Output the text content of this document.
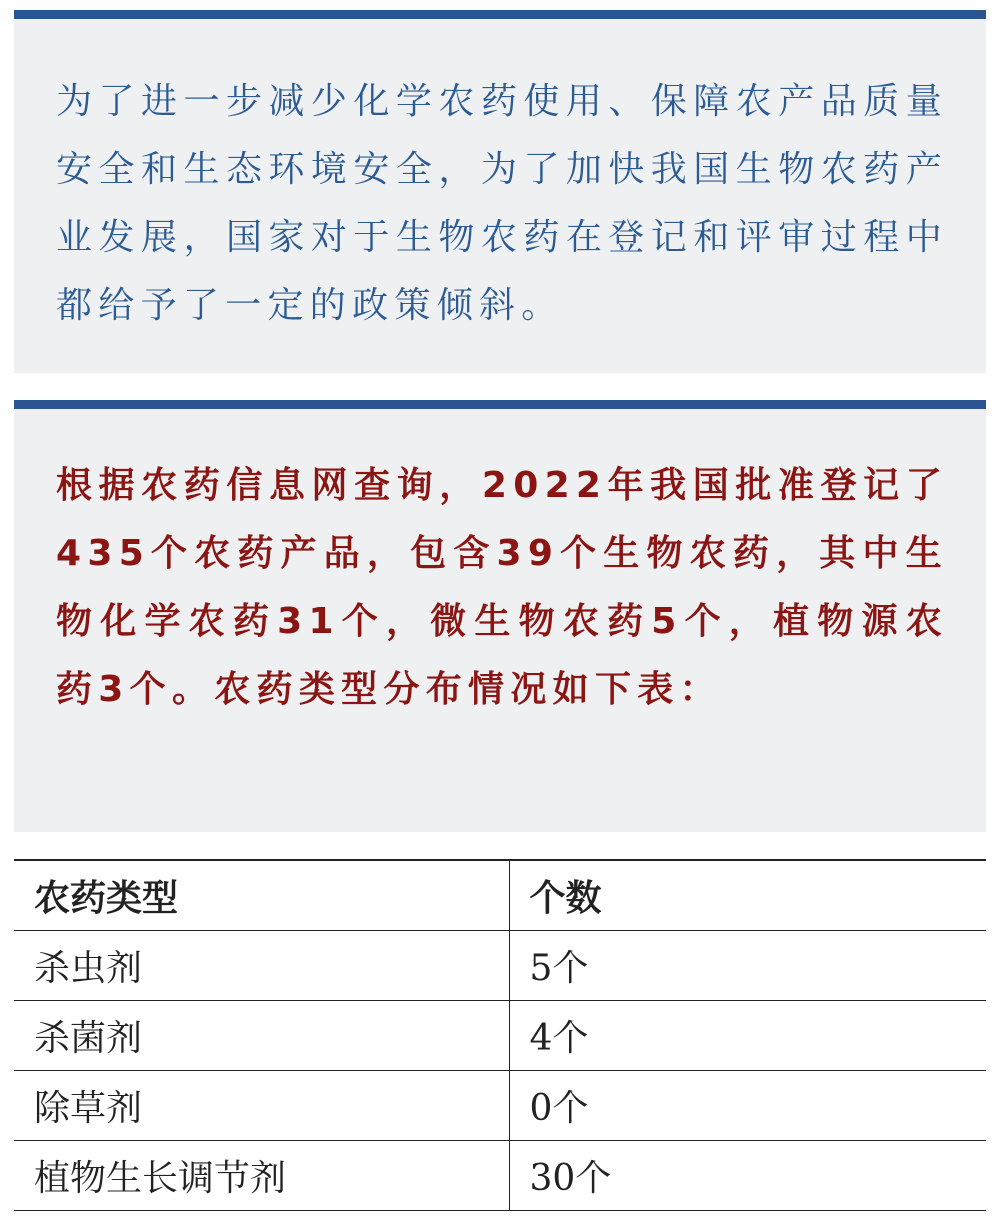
为了进一步减少化学农药使用、保障农产品质量安全和生态环境安全，为了加快我国生物农药产业发展，国家对于生物农药在登记和评审过程中都给予了一定的政策倾斜。

根据农药信息网查询，2022年我国批准登记了435个农药产品，包含39个生物农药，其中生物化学农药31个，微生物农药5个，植物源农药3个。农药类型分布情况如下表：

农药类型	个数
杀虫剂	5个
杀菌剂	4个
除草剂	0个
植物生长调节剂	30个
